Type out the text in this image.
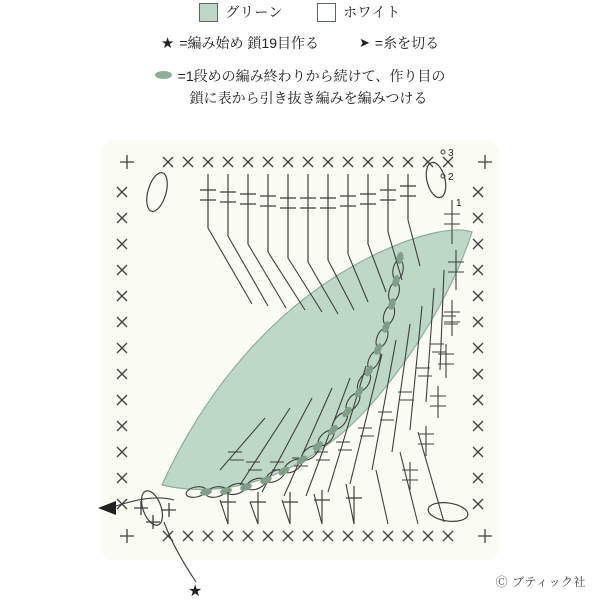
グリーン	ホワイト
★ =編み始め 鎖19目作る	➤ =糸を切る
=1段めの編み終わりから続けて、作り目の
鎖に表から引き抜き編みを編みつける
3
2
1
★
Ⓒ ブティック社
